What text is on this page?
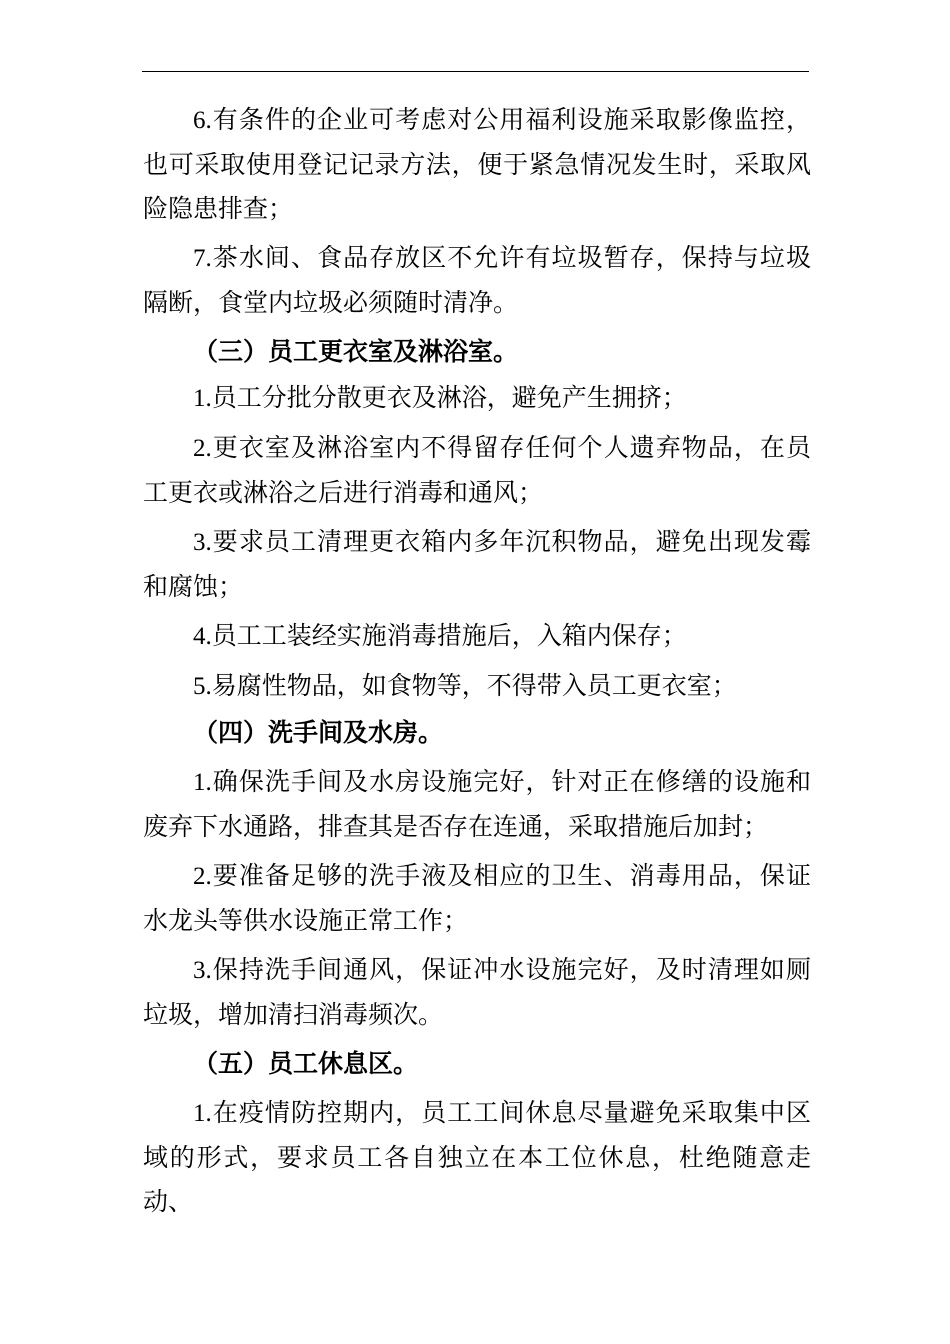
6.有条件的企业可考虑对公用福利设施采取影像监控，也可采取使用登记记录方法，便于紧急情况发生时，采取风险隐患排查；

7.茶水间、食品存放区不允许有垃圾暂存，保持与垃圾隔断，食堂内垃圾必须随时清净。

（三）员工更衣室及淋浴室。

1.员工分批分散更衣及淋浴，避免产生拥挤；

2.更衣室及淋浴室内不得留存任何个人遗弃物品，在员工更衣或淋浴之后进行消毒和通风；

3.要求员工清理更衣箱内多年沉积物品，避免出现发霉和腐蚀；

4.员工工装经实施消毒措施后，入箱内保存；

5.易腐性物品，如食物等，不得带入员工更衣室；

（四）洗手间及水房。

1.确保洗手间及水房设施完好，针对正在修缮的设施和废弃下水通路，排查其是否存在连通，采取措施后加封；

2.要准备足够的洗手液及相应的卫生、消毒用品，保证水龙头等供水设施正常工作；

3.保持洗手间通风，保证冲水设施完好，及时清理如厕垃圾，增加清扫消毒频次。

（五）员工休息区。

1.在疫情防控期内，员工工间休息尽量避免采取集中区域的形式，要求员工各自独立在本工位休息，杜绝随意走动、
